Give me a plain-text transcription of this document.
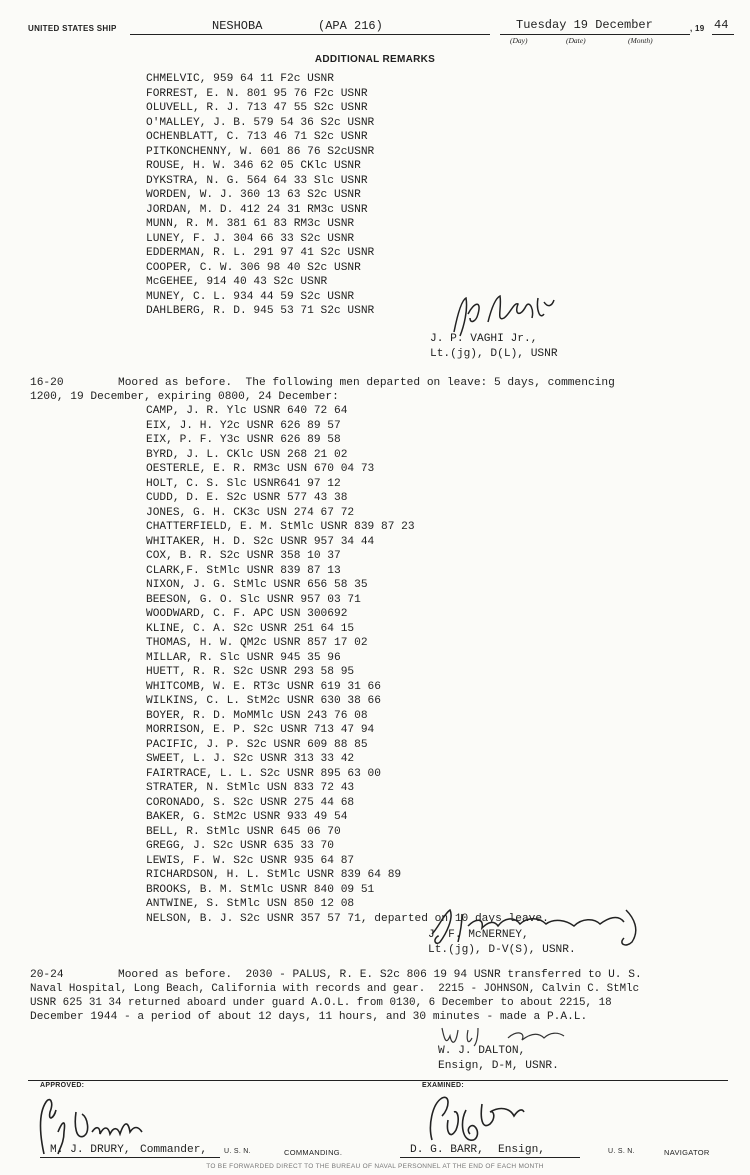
UNITED STATES SHIP	NESHOBA	(APA 216)	Tuesday 19 December	, 19 44
(Day)	(Date)	(Month)
ADDITIONAL REMARKS
CHMELVIC, 959 64 11 F2c USNR
FORREST, E. N. 801 95 76 F2c USNR
OLUVELL, R. J. 713 47 55 S2c USNR
O'MALLEY, J. B. 579 54 36 S2c USNR
OCHENBLATT, C. 713 46 71 S2c USNR
PITKONCHENNY, W. 601 86 76 S2cUSNR
ROUSE, H. W. 346 62 05 CKlc USNR
DYKSTRA, N. G. 564 64 33 Slc USNR
WORDEN, W. J. 360 13 63 S2c USNR
JORDAN, M. D. 412 24 31 RM3c USNR
MUNN, R. M. 381 61 83 RM3c USNR
LUNEY, F. J. 304 66 33 S2c USNR
EDDERMAN, R. L. 291 97 41 S2c USNR
COOPER, C. W. 306 98 40 S2c USNR
McGEHEE, 914 40 43 S2c USNR
MUNEY, C. L. 934 44 59 S2c USNR
DAHLBERG, R. D. 945 53 71 S2c USNR
J. P. VAGHI Jr.,
Lt.(jg), D(L), USNR
16-20	Moored as before.  The following men departed on leave: 5 days, commencing
1200, 19 December, expiring 0800, 24 December:
CAMP, J. R. Ylc USNR 640 72 64
EIX, J. H. Y2c USNR 626 89 57
EIX, P. F. Y3c USNR 626 89 58
BYRD, J. L. CKlc USN 268 21 02
OESTERLE, E. R. RM3c USN 670 04 73
HOLT, C. S. Slc USNR641 97 12
CUDD, D. E. S2c USNR 577 43 38
JONES, G. H. CK3c USN 274 67 72
CHATTERFIELD, E. M. StMlc USNR 839 87 23
WHITAKER, H. D. S2c USNR 957 34 44
COX, B. R. S2c USNR 358 10 37
CLARK,F. StMlc USNR 839 87 13
NIXON, J. G. StMlc USNR 656 58 35
BEESON, G. O. Slc USNR 957 03 71
WOODWARD, C. F. APC USN 300692
KLINE, C. A. S2c USNR 251 64 15
THOMAS, H. W. QM2c USNR 857 17 02
MILLAR, R. Slc USNR 945 35 96
HUETT, R. R. S2c USNR 293 58 95
WHITCOMB, W. E. RT3c USNR 619 31 66
WILKINS, C. L. StM2c USNR 630 38 66
BOYER, R. D. MoMMlc USN 243 76 08
MORRISON, E. P. S2c USNR 713 47 94
PACIFIC, J. P. S2c USNR 609 88 85
SWEET, L. J. S2c USNR 313 33 42
FAIRTRACE, L. L. S2c USNR 895 63 00
STRATER, N. StMlc USN 833 72 43
CORONADO, S. S2c USNR 275 44 68
BAKER, G. StM2c USNR 933 49 54
BELL, R. StMlc USNR 645 06 70
GREGG, J. S2c USNR 635 33 70
LEWIS, F. W. S2c USNR 935 64 87
RICHARDSON, H. L. StMlc USNR 839 64 89
BROOKS, B. M. StMlc USNR 840 09 51
ANTWINE, S. StMlc USN 850 12 08
NELSON, B. J. S2c USNR 357 57 71, departed on 10 days leave.
J. F. McNERNEY,
Lt.(jg), D-V(S), USNR.
20-24	Moored as before.  2030 - PALUS, R. E. S2c 806 19 94 USNR transferred to U. S.
Naval Hospital, Long Beach, California with records and gear.  2215 - JOHNSON, Calvin C. StMlc
USNR 625 31 34 returned aboard under guard A.O.L. from 0130, 6 December to about 2215, 18
December 1944 - a period of about 12 days, 11 hours, and 30 minutes - made a P.A.L.
W. J. DALTON,
Ensign, D-M, USNR.
APPROVED:	EXAMINED:
M. J. DRURY, Commander, U. S. N.	COMMANDING.	D. G. BARR, Ensign,	U. S. N.	NAVIGATOR
TO BE FORWARDED DIRECT TO THE BUREAU OF NAVAL PERSONNEL AT THE END OF EACH MONTH
